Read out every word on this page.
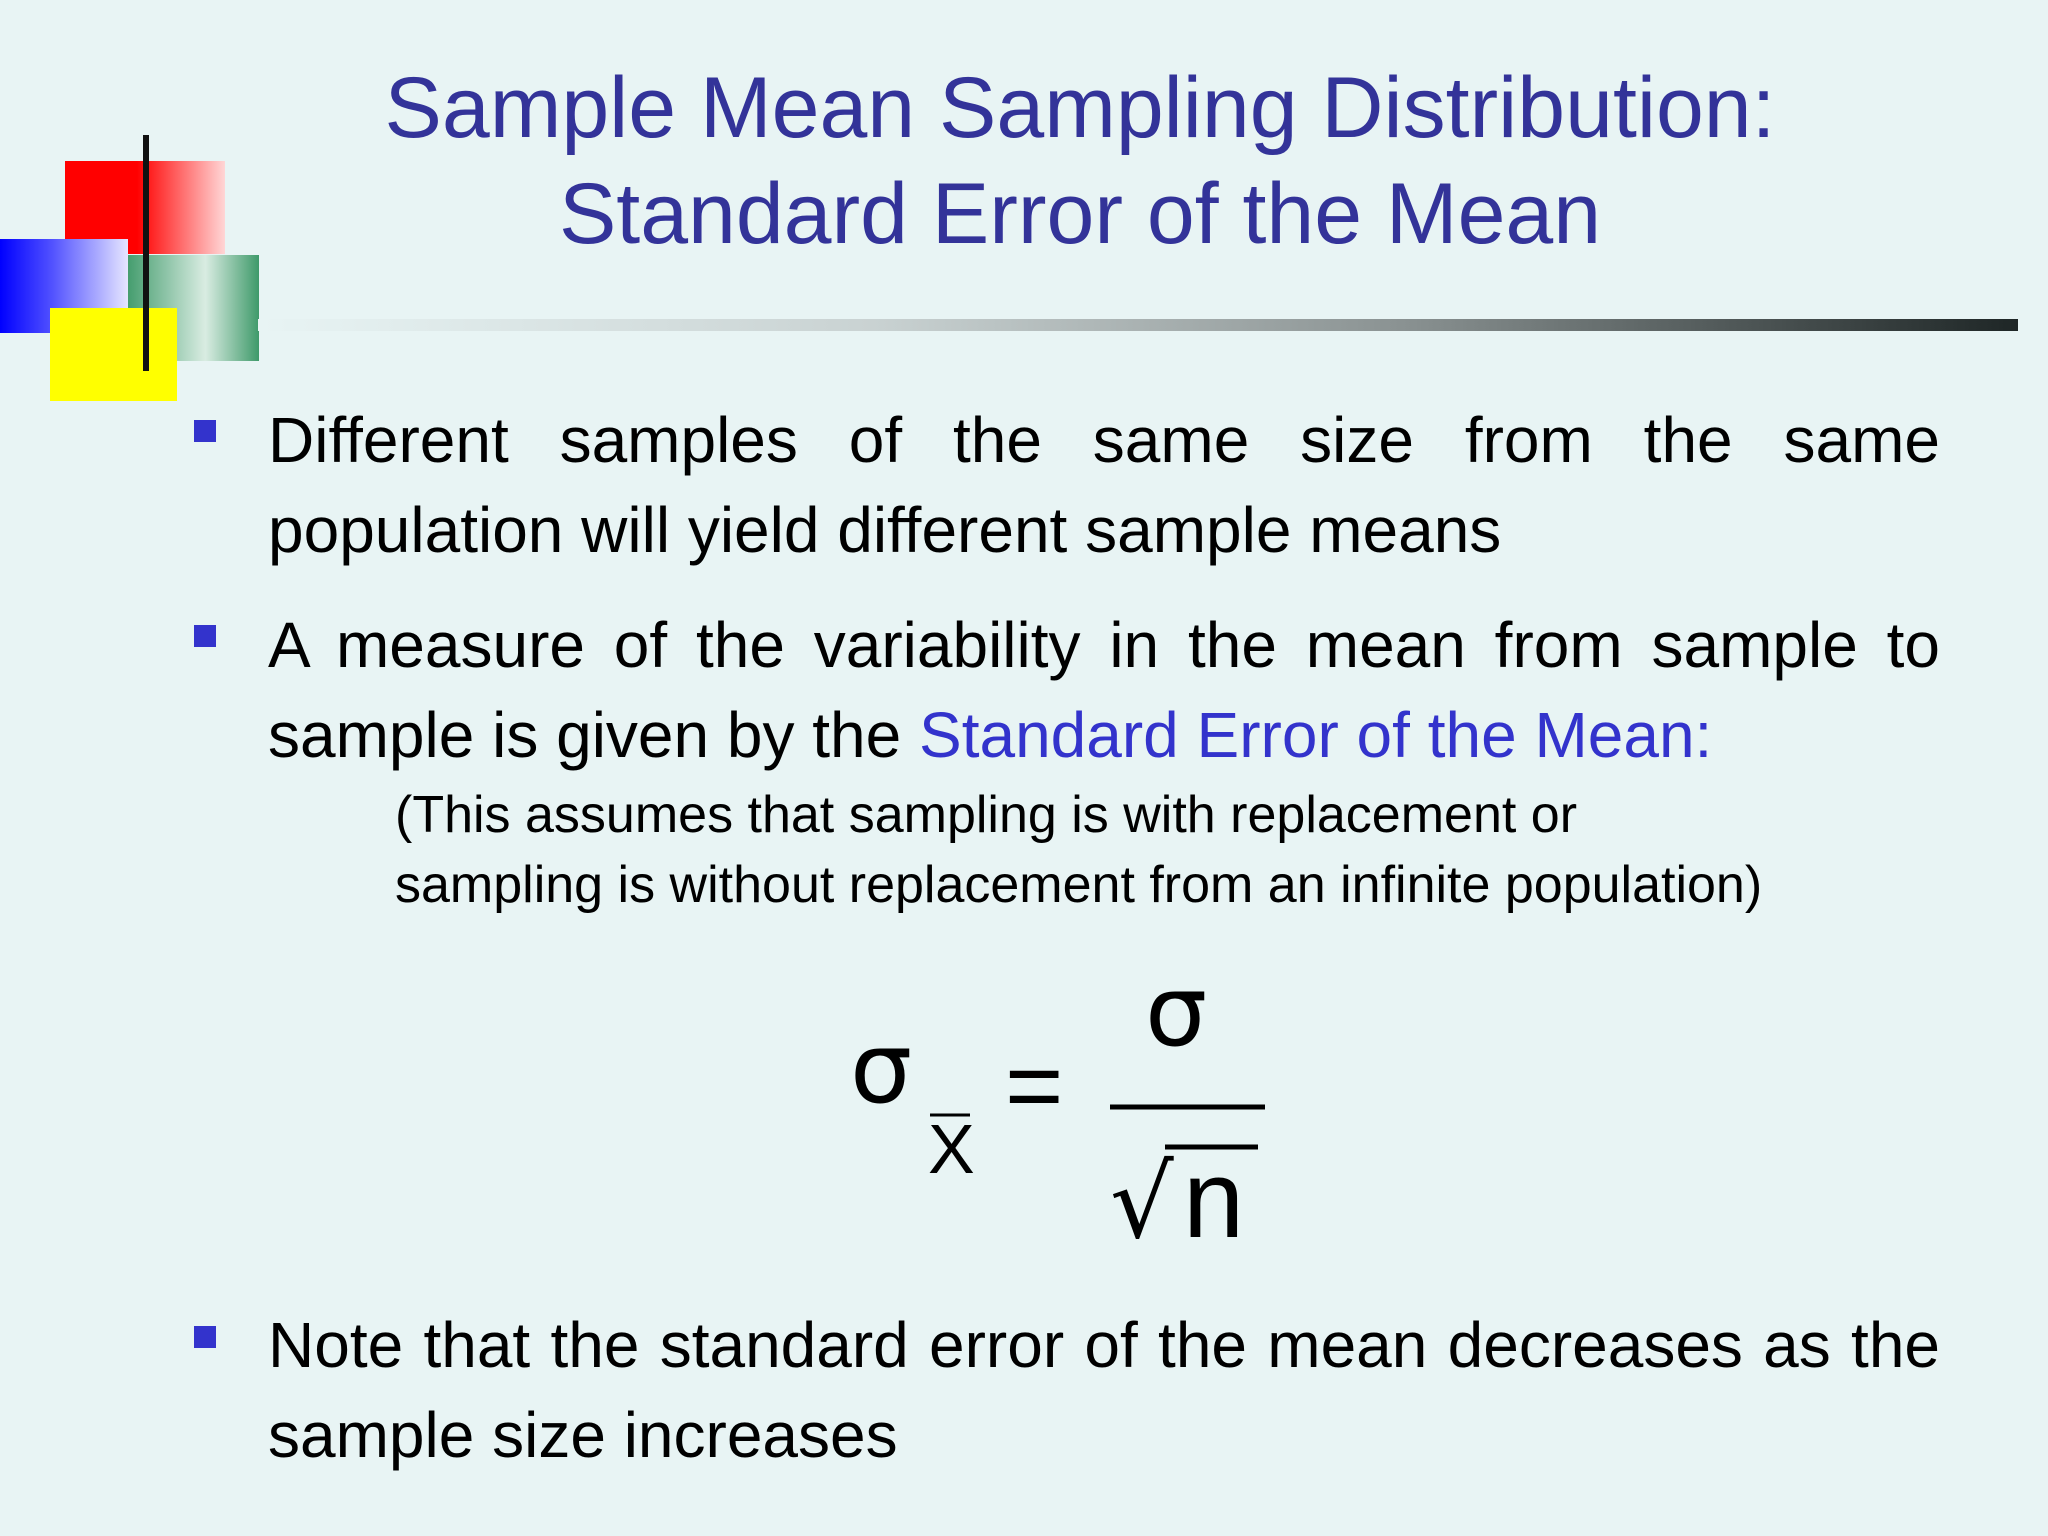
Sample Mean Sampling Distribution:
Standard Error of the Mean

Different samples of the same size from the same population will yield different sample means

A measure of the variability in the mean from sample to sample is given by the Standard Error of the Mean:

(This assumes that sampling is with replacement or
sampling is without replacement from an infinite population)

σ
X
=
σ
√ n

Note that the standard error of the mean decreases as the sample size increases
